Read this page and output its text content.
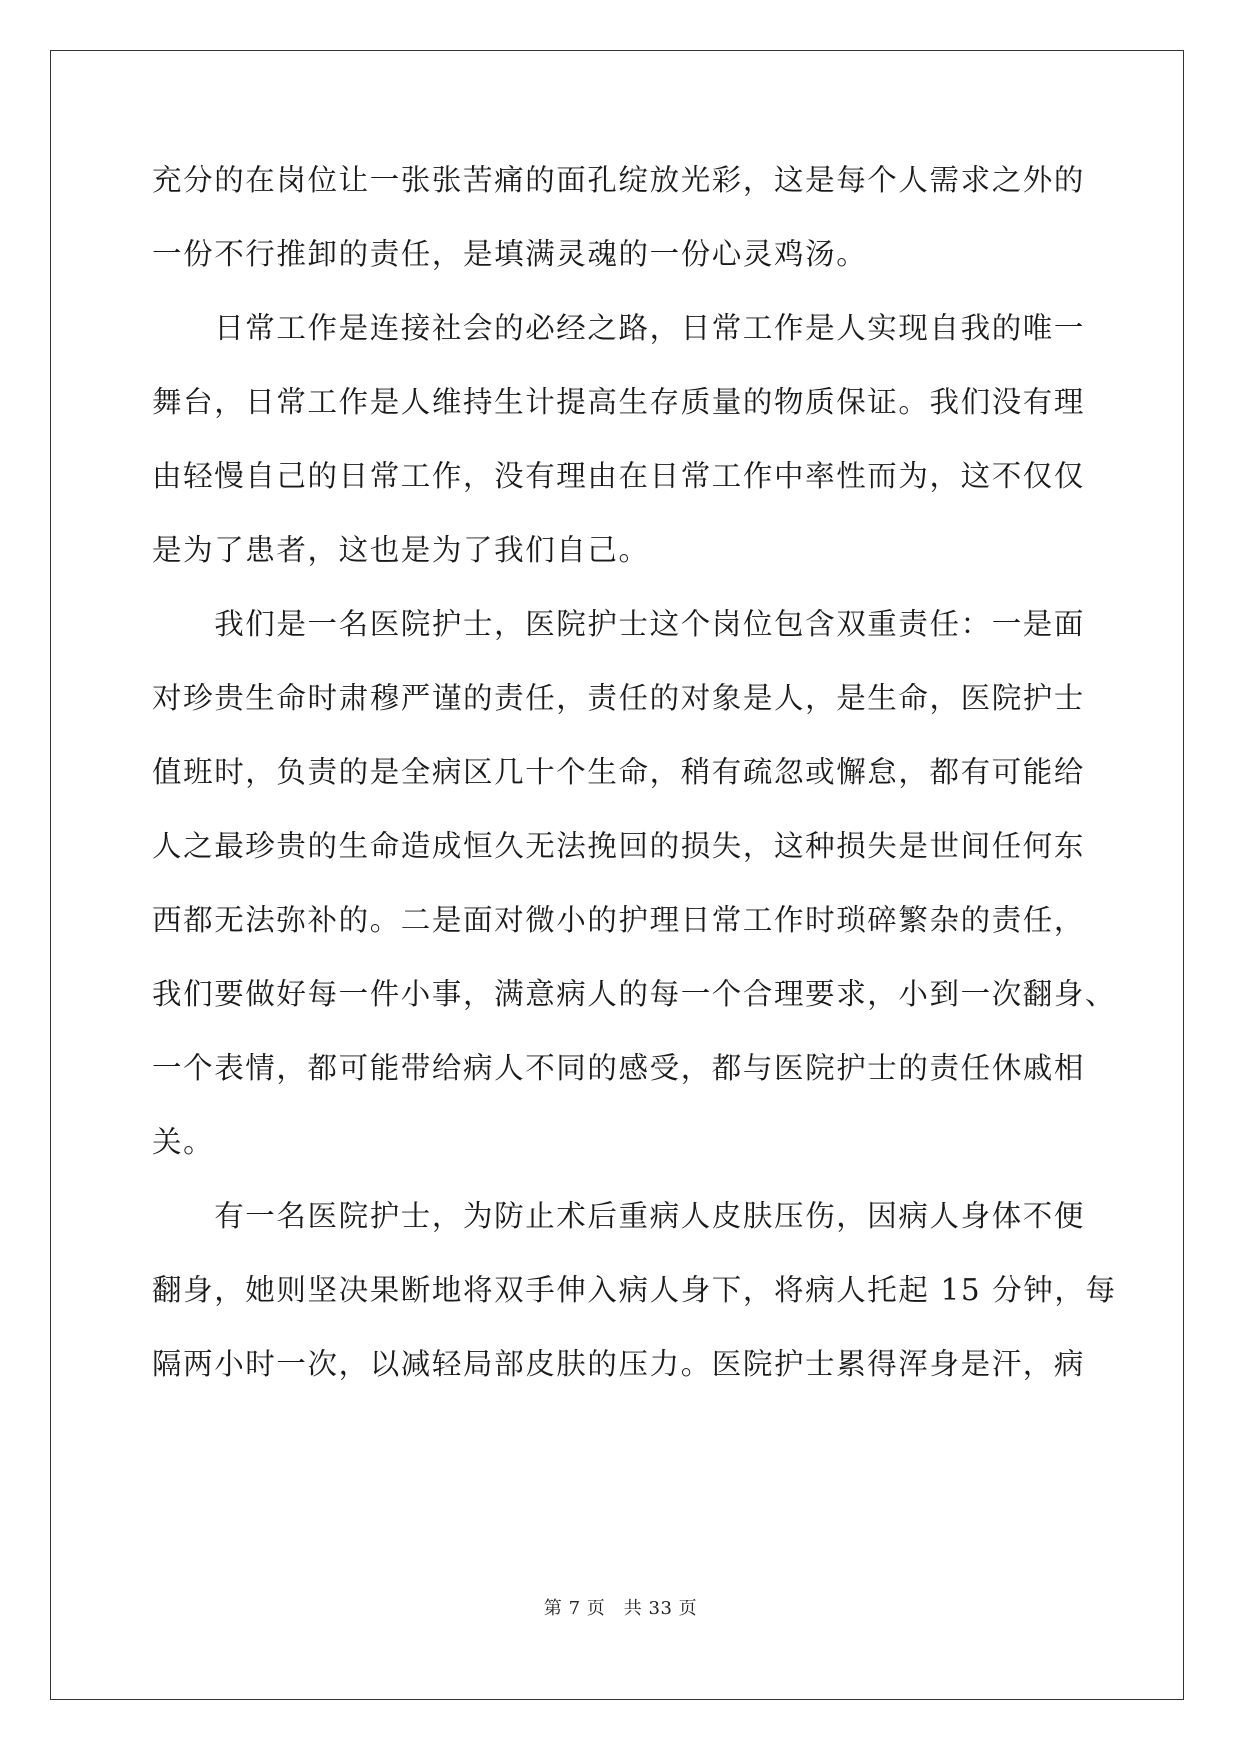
充分的在岗位让一张张苦痛的面孔绽放光彩，这是每个人需求之外的
一份不行推卸的责任，是填满灵魂的一份心灵鸡汤。
　　日常工作是连接社会的必经之路，日常工作是人实现自我的唯一
舞台，日常工作是人维持生计提高生存质量的物质保证。我们没有理
由轻慢自己的日常工作，没有理由在日常工作中率性而为，这不仅仅
是为了患者，这也是为了我们自己。
　　我们是一名医院护士，医院护士这个岗位包含双重责任：一是面
对珍贵生命时肃穆严谨的责任，责任的对象是人，是生命，医院护士
值班时，负责的是全病区几十个生命，稍有疏忽或懈怠，都有可能给
人之最珍贵的生命造成恒久无法挽回的损失，这种损失是世间任何东
西都无法弥补的。二是面对微小的护理日常工作时琐碎繁杂的责任，
我们要做好每一件小事，满意病人的每一个合理要求，小到一次翻身、
一个表情，都可能带给病人不同的感受，都与医院护士的责任休戚相
关。
　　有一名医院护士，为防止术后重病人皮肤压伤，因病人身体不便
翻身，她则坚决果断地将双手伸入病人身下，将病人托起 15 分钟，每
隔两小时一次，以减轻局部皮肤的压力。医院护士累得浑身是汗，病
第 7 页　共 33 页
